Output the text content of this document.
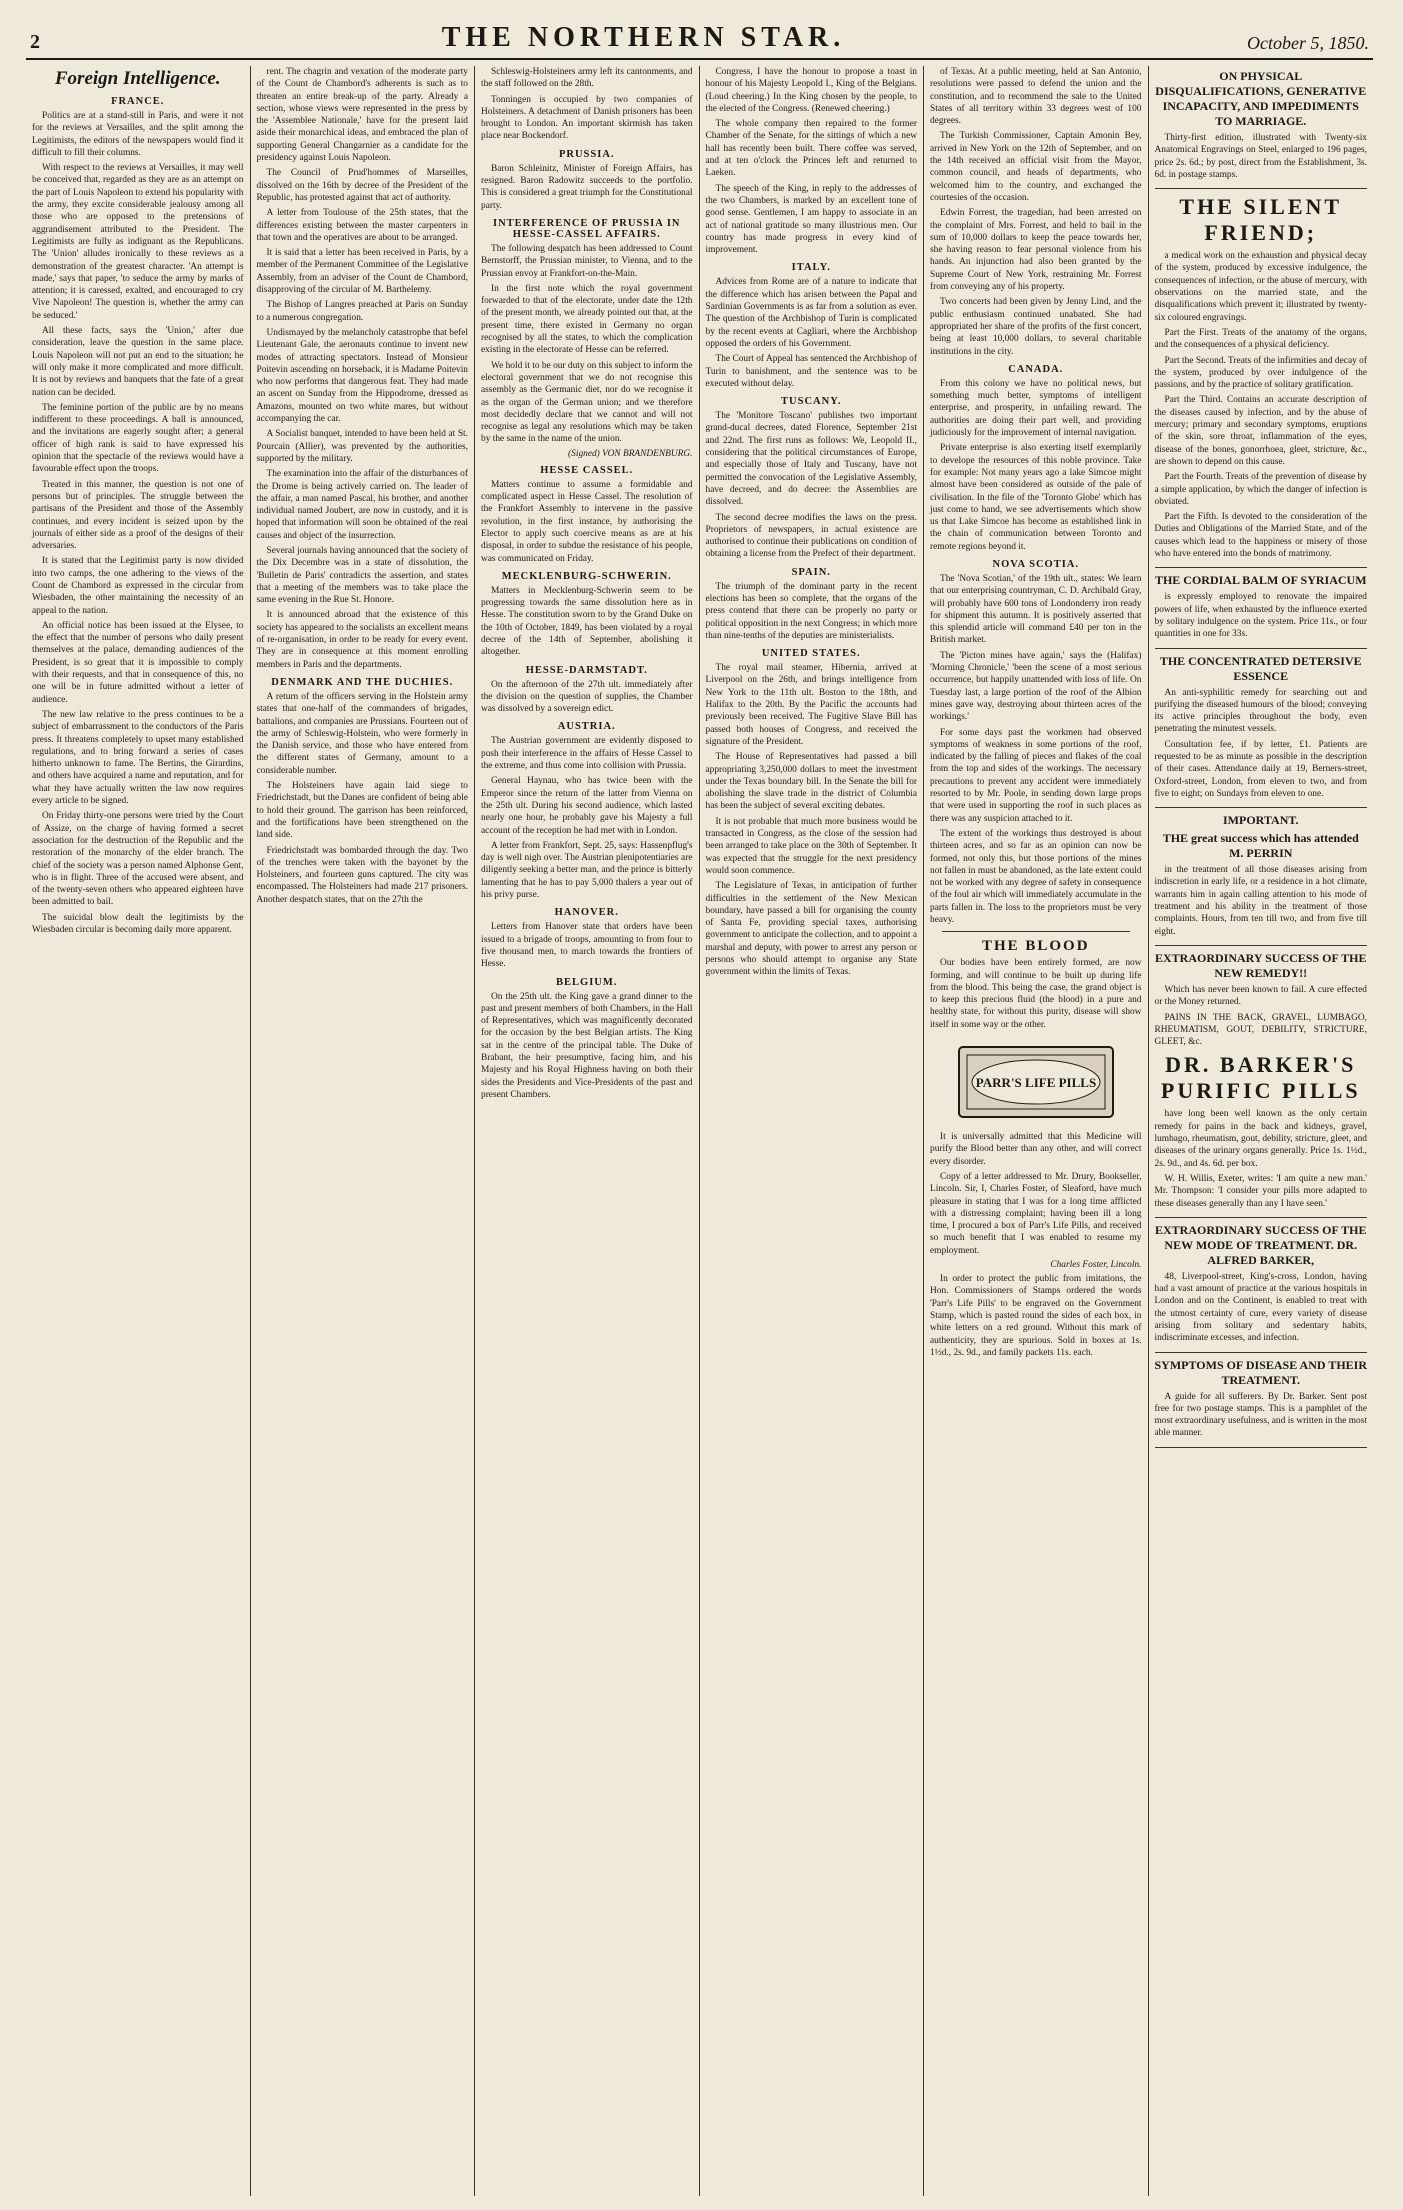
2	THE NORTHERN STAR.	October 5, 1850.
Foreign Intelligence.
FRANCE.

Politics are at a stand-still in Paris, and were it not for the reviews at Versailles, and the split among the Legitimists, the editors of the newspapers would find it difficult to fill their columns.

With respect to the reviews at Versailles, it may well be conceived that, regarded as they are as an attempt on the part of Louis Napoleon to extend his popularity with the army, they excite considerable jealousy among all those who are opposed to the pretensions of aggrandisement attributed to the President. The Legitimists are fully as indignant as the Republicans. The 'Union' alludes ironically to these reviews as a demonstration of the greatest character. 'An attempt is made,' says that paper, 'to seduce the army by marks of attention; it is caressed, exalted, and encouraged to cry Vive Napoleon! The question is, whether the army can be seduced.'

All these facts, says the 'Union,' after due consideration, leave the question in the same place. Louis Napoleon will not put an end to the situation; he will only make it more complicated and more difficult. It is not by reviews and banquets that the fate of a great nation can be decided.

The feminine portion of the public are by no means indifferent to these proceedings. A ball is announced, and the invitations are eagerly sought after; a general officer of high rank is said to have expressed his opinion that the spectacle of the reviews would have a favourable effect upon the troops.

Treated in this manner, the question is not one of persons but of principles. The struggle between the partisans of the President and those of the Assembly continues, and every incident is seized upon by the journals of either side as a proof of the designs of their adversaries.

It is stated that the Legitimist party is now divided into two camps, the one adhering to the views of the Count de Chambord as expressed in the circular from Wiesbaden, the other maintaining the necessity of an appeal to the nation.

An official notice has been issued at the Elysee, to the effect that the number of persons who daily present themselves at the palace, demanding audiences of the President, is so great that it is impossible to comply with their requests, and that in consequence of this, no one will be in future admitted without a letter of audience.

The new law relative to the press continues to be a subject of embarrassment to the conductors of the Paris press. It threatens completely to upset many established regulations, and to bring forward a series of cases hitherto unknown to fame. The Bertins, the Girardins, and others have acquired a name and reputation, and for what they have actually written the law now requires every article to be signed.

On Friday thirty-one persons were tried by the Court of Assize, on the charge of having formed a secret association for the destruction of the Republic and the restoration of the monarchy of the elder branch. The chief of the society was a person named Alphonse Gent, who is in flight. Three of the accused were absent, and of the twenty-seven others who appeared eighteen have been admitted to bail.

The suicidal blow dealt the legitimists by the Wiesbaden circular is becoming daily more apparent.

rent. The chagrin and vexation of the moderate party of the Count de Chambord's adherents is such as to threaten an entire break-up of the party. Already a section, whose views were represented in the press by the 'Assemblee Nationale,' have for the present laid aside their monarchical ideas, and embraced the plan of supporting General Changarnier as a candidate for the presidency against Louis Napoleon.

The Council of Prud'hommes of Marseilles, dissolved on the 16th by decree of the President of the Republic, has protested against that act of authority.

A letter from Toulouse of the 25th states, that the differences existing between the master carpenters in that town and the operatives are about to be arranged.

It is said that a letter has been received in Paris, by a member of the Permanent Committee of the Legislative Assembly, from an adviser of the Count de Chambord, disapproving of the circular of M. Barthelemy.

The Bishop of Langres preached at Paris on Sunday to a numerous congregation.

Undismayed by the melancholy catastrophe that befel Lieutenant Gale, the aeronauts continue to invent new modes of attracting spectators. Instead of Monsieur Poitevin ascending on horseback, it is Madame Poitevin who now performs that dangerous feat. They had made an ascent on Sunday from the Hippodrome, dressed as Amazons, mounted on two white mares, but without accompanying the car.

A Socialist banquet, intended to have been held at St. Pourcain (Allier), was prevented by the authorities, supported by the military.

The examination into the affair of the disturbances of the Drome is being actively carried on. The leader of the affair, a man named Pascal, his brother, and another individual named Joubert, are now in custody, and it is hoped that information will soon be obtained of the real causes and object of the insurrection.

Several journals having announced that the society of the Dix Decembre was in a state of dissolution, the 'Bulletin de Paris' contradicts the assertion, and states that a meeting of the members was to take place the same evening in the Rue St. Honore.

It is announced abroad that the existence of this society has appeared to the socialists an excellent means of re-organisation, in order to be ready for every event. They are in consequence at this moment enrolling members in Paris and the departments.

DENMARK AND THE DUCHIES.

A return of the officers serving in the Holstein army states that one-half of the commanders of brigades, battalions, and companies are Prussians. Fourteen out of the army of Schleswig-Holstein, who were formerly in the Danish service, and those who have entered from the different states of Germany, amount to a considerable number.

The Holsteiners have again laid siege to Friedrichstadt, but the Danes are confident of being able to hold their ground. The garrison has been reinforced, and the fortifications have been strengthened on the land side.

Friedrichstadt was bombarded through the day. Two of the trenches were taken with the bayonet by the Holsteiners, and fourteen guns captured. The city was encompassed. The Holsteiners had made 217 prisoners. Another despatch states, that on the 27th the

Schleswig-Holsteiners army left its cantonments, and the staff followed on the 28th.

Tonningen is occupied by two companies of Holsteiners. A detachment of Danish prisoners has been brought to London. An important skirmish has taken place near Bockendorf.

PRUSSIA.

Baron Schleinitz, Minister of Foreign Affairs, has resigned. Baron Radowitz succeeds to the portfolio. This is considered a great triumph for the Constitutional party.

INTERFERENCE OF PRUSSIA IN HESSE-CASSEL AFFAIRS.

The following despatch has been addressed to Count Bernstorff, the Prussian minister, to Vienna, and to the Prussian envoy at Frankfort-on-the-Main.

In the first note which the royal government forwarded to that of the electorate, under date the 12th of the present month, we already pointed out that, at the present time, there existed in Germany no organ recognised by all the states, to which the complication existing in the electorate of Hesse can be referred.

We hold it to be our duty on this subject to inform the electoral government that we do not recognise this assembly as the Germanic diet, nor do we recognise it as the organ of the German union; and we therefore most decidedly declare that we cannot and will not recognise as legal any resolutions which may be taken by the same in the name of the union.

(Signed) VON BRANDENBURG.
HESSE CASSEL.

Matters continue to assume a formidable and complicated aspect in Hesse Cassel. The resolution of the Frankfort Assembly to intervene in the passive revolution, in the first instance, by authorising the Elector to apply such coercive means as are at his disposal, in order to subdue the resistance of his people, was communicated on Friday.

MECKLENBURG-SCHWERIN.

Matters in Mecklenburg-Schwerin seem to be progressing towards the same dissolution here as in Hesse. The constitution sworn to by the Grand Duke on the 10th of October, 1849, has been violated by a royal decree of the 14th of September, abolishing it altogether.

HESSE-DARMSTADT.

On the afternoon of the 27th ult. immediately after the division on the question of supplies, the Chamber was dissolved by a sovereign edict.

AUSTRIA.

The Austrian government are evidently disposed to push their interference in the affairs of Hesse Cassel to the extreme, and thus come into collision with Prussia.

General Haynau, who has twice been with the Emperor since the return of the latter from Vienna on the 25th ult. During his second audience, which lasted nearly one hour, he probably gave his Majesty a full account of the reception he had met with in London.

A letter from Frankfort, Sept. 25, says: Hassenpflug's day is well nigh over. The Austrian plenipotentiaries are diligently seeking a better man, and the prince is bitterly lamenting that he has to pay 5,000 thalers a year out of his privy purse.

HANOVER.

Letters from Hanover state that orders have been issued to a brigade of troops, amounting to from four to five thousand men, to march towards the frontiers of Hesse.

BELGIUM.

On the 25th ult. the King gave a grand dinner to the past and present members of both Chambers, in the Hall of Representatives, which was magnificently decorated for the occasion by the best Belgian artists. The King sat in the centre of the principal table. The Duke of Brabant, the heir presumptive, facing him, and his Majesty and his Royal Highness having on both their sides the Presidents and Vice-Presidents of the past and present Chambers.

Congress, I have the honour to propose a toast in honour of his Majesty Leopold I., King of the Belgians. (Loud cheering.) In the King chosen by the people, to the elected of the Congress. (Renewed cheering.)

The whole company then repaired to the former Chamber of the Senate, for the sittings of which a new hall has recently been built. There coffee was served, and at ten o'clock the Princes left and returned to Laeken.

The speech of the King, in reply to the addresses of the two Chambers, is marked by an excellent tone of good sense. Gentlemen, I am happy to associate in an act of national gratitude so many illustrious men. Our country has made progress in every kind of improvement.

ITALY.

Advices from Rome are of a nature to indicate that the difference which has arisen between the Papal and Sardinian Governments is as far from a solution as ever. The question of the Archbishop of Turin is complicated by the recent events at Cagliari, where the Archbishop opposed the orders of his Government.

The Court of Appeal has sentenced the Archbishop of Turin to banishment, and the sentence was to be executed without delay.

TUSCANY.

The 'Monitore Toscano' publishes two important grand-ducal decrees, dated Florence, September 21st and 22nd. The first runs as follows: We, Leopold II., considering that the political circumstances of Europe, and especially those of Italy and Tuscany, have not permitted the convocation of the Legislative Assembly, have decreed, and do decree: the Assemblies are dissolved.

The second decree modifies the laws on the press. Proprietors of newspapers, in actual existence are authorised to continue their publications on condition of obtaining a license from the Prefect of their department.

SPAIN.

The triumph of the dominant party in the recent elections has been so complete, that the organs of the press contend that there can be properly no party or political opposition in the next Congress; in which more than nine-tenths of the deputies are ministerialists.

UNITED STATES.

The royal mail steamer, Hibernia, arrived at Liverpool on the 26th, and brings intelligence from New York to the 11th ult. Boston to the 18th, and Halifax to the 20th. By the Pacific the accounts had previously been received. The Fugitive Slave Bill has passed both houses of Congress, and received the signature of the President.

The House of Representatives had passed a bill appropriating 3,250,000 dollars to meet the investment under the Texas boundary bill. In the Senate the bill for abolishing the slave trade in the district of Columbia has been the subject of several exciting debates.

It is not probable that much more business would be transacted in Congress, as the close of the session had been arranged to take place on the 30th of September. It was expected that the struggle for the next presidency would soon commence.

The Legislature of Texas, in anticipation of further difficulties in the settlement of the New Mexican boundary, have passed a bill for organising the county of Santa Fe, providing special taxes, authorising government to anticipate the collection, and to appoint a marshal and deputy, with power to arrest any person or persons who should attempt to organise any State government within the limits of Texas.

of Texas. At a public meeting, held at San Antonio, resolutions were passed to defend the union and the constitution, and to recommend the sale to the United States of all territory within 33 degrees west of 100 degrees.

The Turkish Commissioner, Captain Amonin Bey, arrived in New York on the 12th of September, and on the 14th received an official visit from the Mayor, common council, and heads of departments, who welcomed him to the country, and exchanged the courtesies of the occasion.

Edwin Forrest, the tragedian, had been arrested on the complaint of Mrs. Forrest, and held to bail in the sum of 10,000 dollars to keep the peace towards her, she having reason to fear personal violence from his hands. An injunction had also been granted by the Supreme Court of New York, restraining Mr. Forrest from conveying any of his property.

Two concerts had been given by Jenny Lind, and the public enthusiasm continued unabated. She had appropriated her share of the profits of the first concert, being at least 10,000 dollars, to several charitable institutions in the city.

CANADA.

From this colony we have no political news, but something much better, symptoms of intelligent enterprise, and prosperity, in unfailing reward. The authorities are doing their part well, and providing judiciously for the improvement of internal navigation.

Private enterprise is also exerting itself exemplarily to develope the resources of this noble province. Take for example: Not many years ago a lake Simcoe might almost have been considered as outside of the pale of civilisation. In the file of the 'Toronto Globe' which has just come to hand, we see advertisements which show us that Lake Simcoe has become as established link in the chain of communication between Toronto and remote regions beyond it.

NOVA SCOTIA.

The 'Nova Scotian,' of the 19th ult., states: We learn that our enterprising countryman, C. D. Archibald Gray, will probably have 600 tons of Londonderry iron ready for shipment this autumn. It is positively asserted that this splendid article will command £40 per ton in the British market.

The 'Picton mines have again,' says the (Halifax) 'Morning Chronicle,' 'been the scene of a most serious occurrence, but happily unattended with loss of life. On Tuesday last, a large portion of the roof of the Albion mines gave way, destroying about thirteen acres of the workings.'

For some days past the workmen had observed symptoms of weakness in some portions of the roof, indicated by the falling of pieces and flakes of the coal from the top and sides of the workings. The necessary precautions to prevent any accident were immediately resorted to by Mr. Poole, in sending down large props that were used in supporting the roof in such places as there was any suspicion attached to it.

The extent of the workings thus destroyed is about thirteen acres, and so far as an opinion can now be formed, not only this, but those portions of the mines not fallen in must be abandoned, as the late extent could not be worked with any degree of safety in consequence of the foul air which will immediately accumulate in the parts fallen in. The loss to the proprietors must be very heavy.

THE BLOOD

Our bodies have been entirely formed, are now forming, and will continue to be built up during life from the blood. This being the case, the grand object is to keep this precious fluid (the blood) in a pure and healthy state, for without this purity, disease will show itself in some way or the other.

PARR'S LIFE PILLS

It is universally admitted that this Medicine will purify the Blood better than any other, and will correct every disorder.

Copy of a letter addressed to Mr. Drury, Bookseller, Lincoln. Sir, I, Charles Foster, of Sleaford, have much pleasure in stating that I was for a long time afflicted with a distressing complaint; having been ill a long time, I procured a box of Parr's Life Pills, and received so much benefit that I was enabled to resume my employment.

Charles Foster, Lincoln.

In order to protect the public from imitations, the Hon. Commissioners of Stamps ordered the words 'Parr's Life Pills' to be engraved on the Government Stamp, which is pasted round the sides of each box, in white letters on a red ground. Without this mark of authenticity, they are spurious. Sold in boxes at 1s. 1½d., 2s. 9d., and family packets 11s. each.

ON PHYSICAL DISQUALIFICATIONS, GENERATIVE INCAPACITY, AND IMPEDIMENTS TO MARRIAGE.

Thirty-first edition, illustrated with Twenty-six Anatomical Engravings on Steel, enlarged to 196 pages, price 2s. 6d.; by post, direct from the Establishment, 3s. 6d. in postage stamps.

THE SILENT FRIEND;

a medical work on the exhaustion and physical decay of the system, produced by excessive indulgence, the consequences of infection, or the abuse of mercury, with observations on the married state, and the disqualifications which prevent it; illustrated by twenty-six coloured engravings.

Part the First. Treats of the anatomy of the organs, and the consequences of a physical deficiency.

Part the Second. Treats of the infirmities and decay of the system, produced by over indulgence of the passions, and by the practice of solitary gratification.

Part the Third. Contains an accurate description of the diseases caused by infection, and by the abuse of mercury; primary and secondary symptoms, eruptions of the skin, sore throat, inflammation of the eyes, disease of the bones, gonorrhoea, gleet, stricture, &c., are shown to depend on this cause.

Part the Fourth. Treats of the prevention of disease by a simple application, by which the danger of infection is obviated.

Part the Fifth. Is devoted to the consideration of the Duties and Obligations of the Married State, and of the causes which lead to the happiness or misery of those who have entered into the bonds of matrimony.

THE CORDIAL BALM OF SYRIACUM

is expressly employed to renovate the impaired powers of life, when exhausted by the influence exerted by solitary indulgence on the system. Price 11s., or four quantities in one for 33s.

THE CONCENTRATED DETERSIVE ESSENCE

An anti-syphilitic remedy for searching out and purifying the diseased humours of the blood; conveying its active principles throughout the body, even penetrating the minutest vessels.

Consultation fee, if by letter, £1. Patients are requested to be as minute as possible in the description of their cases. Attendance daily at 19, Berners-street, Oxford-street, London, from eleven to two, and from five to eight; on Sundays from eleven to one.

IMPORTANT.
THE great success which has attended M. PERRIN

in the treatment of all those diseases arising from indiscretion in early life, or a residence in a hot climate, warrants him in again calling attention to his mode of treatment and his ability in the treatment of those complaints. Hours, from ten till two, and from five till eight.

EXTRAORDINARY SUCCESS OF THE NEW REMEDY!!

Which has never been known to fail. A cure effected or the Money returned.

PAINS IN THE BACK, GRAVEL, LUMBAGO, RHEUMATISM, GOUT, DEBILITY, STRICTURE, GLEET, &c.

DR. BARKER'S PURIFIC PILLS

have long been well known as the only certain remedy for pains in the back and kidneys, gravel, lumbago, rheumatism, gout, debility, stricture, gleet, and diseases of the urinary organs generally. Price 1s. 1½d., 2s. 9d., and 4s. 6d. per box.

W. H. Willis, Exeter, writes: 'I am quite a new man.' Mr. Thompson: 'I consider your pills more adapted to these diseases generally than any I have seen.'

EXTRAORDINARY SUCCESS OF THE NEW MODE OF TREATMENT. DR. ALFRED BARKER,

48, Liverpool-street, King's-cross, London, having had a vast amount of practice at the various hospitals in London and on the Continent, is enabled to treat with the utmost certainty of cure, every variety of disease arising from solitary and sedentary habits, indiscriminate excesses, and infection.

SYMPTOMS OF DISEASE AND THEIR TREATMENT.

A guide for all sufferers. By Dr. Barker. Sent post free for two postage stamps. This is a pamphlet of the most extraordinary usefulness, and is written in the most able manner.
